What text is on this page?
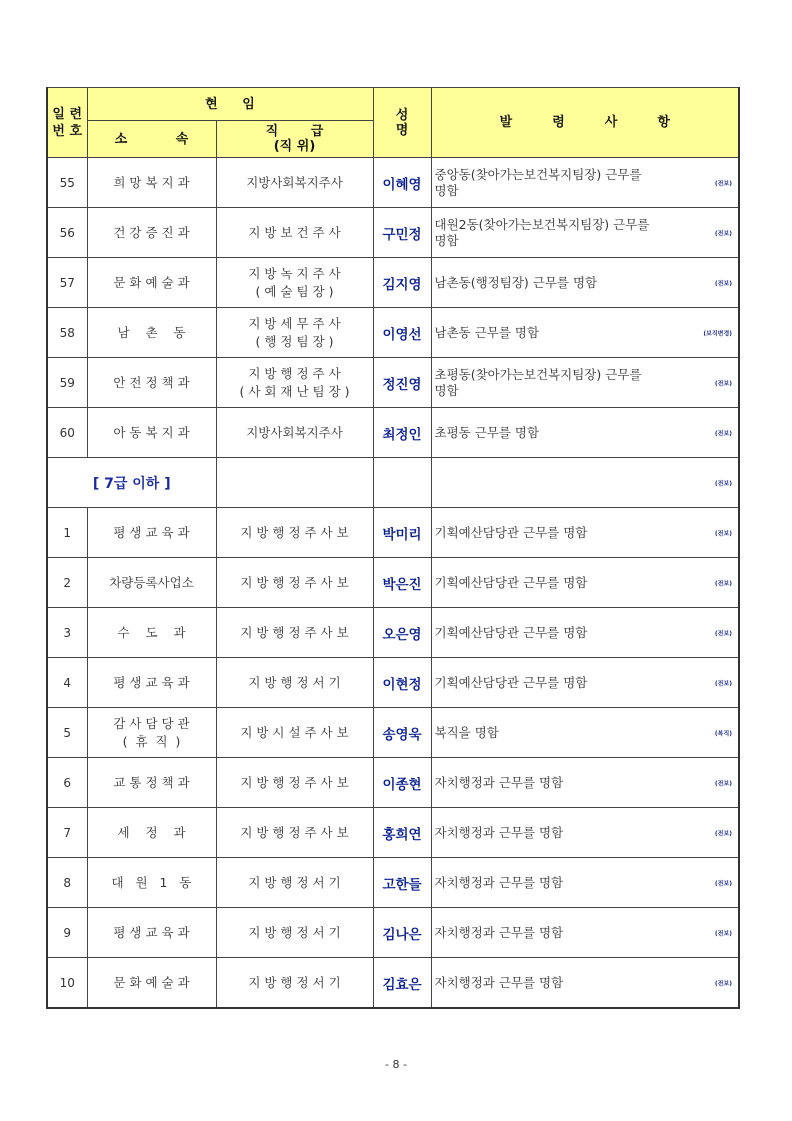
일 련
번 호	현 임		성 명	발 령 사 항
	소 속	직 급
(직 위)		

55	희 망 복 지 과	지방사회복지주사	이혜영	중앙동(찾아가는보건복지팀장) 근무를
명함 (전보)

56	건 강 증 진 과	지 방 보 건 주 사	구민정	대원2동(찾아가는보건복지팀장) 근무를
명함 (전보)

57	문 화 예 술 과	지 방 녹 지 주 사
( 예 술 팀 장 )	김지영	남촌동(행정팀장) 근무를 명함 (전보)

58	남    촌    동	지 방 세 무 주 사
( 행 정 팀 장 )	이영선	남촌동 근무를 명함 (보직변경)

59	안 전 정 책 과	지 방 행 정 주 사
( 사 회 재 난 팀 장 )	정진영	초평동(찾아가는보건복지팀장) 근무를
명함 (전보)

60	아 동 복 지 과	지방사회복지주사	최정인	초평동 근무를 명함 (전보)

[ 7급 이하 ]				(전보)

1	평 생 교 육 과	지 방 행 정 주 사 보	박미리	기획예산담당관 근무를 명함 (전보)

2	차량등록사업소	지 방 행 정 주 사 보	박은진	기획예산담당관 근무를 명함 (전보)

3	수    도    과	지 방 행 정 주 사 보	오은영	기획예산담당관 근무를 명함 (전보)

4	평 생 교 육 과	지 방 행 정 서 기	이현정	기획예산담당관 근무를 명함 (전보)

5	감 사 담 당 관
(  휴  직  )	지 방 시 설 주 사 보	송영욱	복직을 명함 (복직)

6	교 통 정 책 과	지 방 행 정 주 사 보	이종현	자치행정과 근무를 명함 (전보)

7	세    정    과	지 방 행 정 주 사 보	홍희연	자치행정과 근무를 명함 (전보)

8	대   원   1   동	지 방 행 정 서 기	고한들	자치행정과 근무를 명함 (전보)

9	평 생 교 육 과	지 방 행 정 서 기	김나은	자치행정과 근무를 명함 (전보)

10	문 화 예 술 과	지 방 행 정 서 기	김효은	자치행정과 근무를 명함 (전보)
- 8 -
